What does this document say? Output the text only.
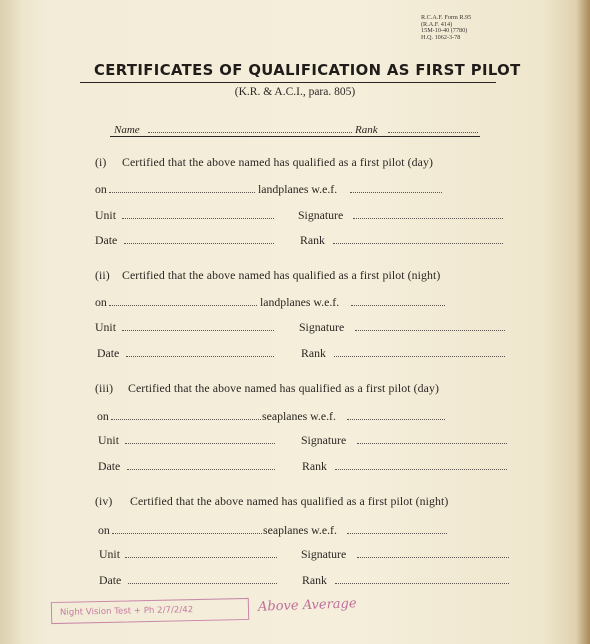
R.C.A.F. Form R.95
(R.A.F. 414)
15M-10-40 (7780)
H.Q. 1062-3-78
CERTIFICATES OF QUALIFICATION AS FIRST PILOT
(K.R. & A.C.I., para. 805)
Name	Rank
(i) Certified that the above named has qualified as a first pilot (day)
on	landplanes w.e.f.
Unit	Signature
Date	Rank
(ii) Certified that the above named has qualified as a first pilot (night)
on	landplanes w.e.f.
Unit	Signature
Date	Rank
(iii) Certified that the above named has qualified as a first pilot (day)
on	seaplanes w.e.f.
Unit	Signature
Date	Rank
(iv) Certified that the above named has qualified as a first pilot (night)
on	seaplanes w.e.f.
Unit	Signature
Date	Rank
Night Vision Test + Ph 2/7/2/42	Above Average
